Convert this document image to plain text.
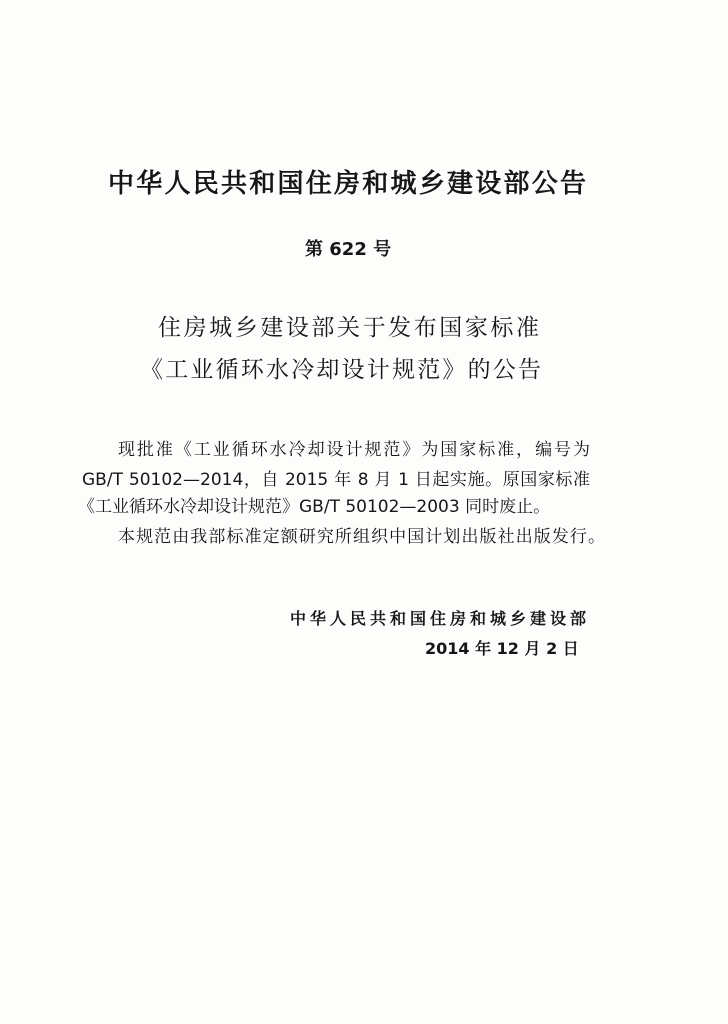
中华人民共和国住房和城乡建设部公告
第 622 号
住房城乡建设部关于发布国家标准
《工业循环水冷却设计规范》的公告
现批准《工业循环水冷却设计规范》为国家标准，编号为
GB/T 50102—2014，自 2015 年 8 月 1 日起实施。原国家标准
《工业循环水冷却设计规范》GB/T 50102—2003 同时废止。
本规范由我部标准定额研究所组织中国计划出版社出版发行。
中华人民共和国住房和城乡建设部
2014 年 12 月 2 日
